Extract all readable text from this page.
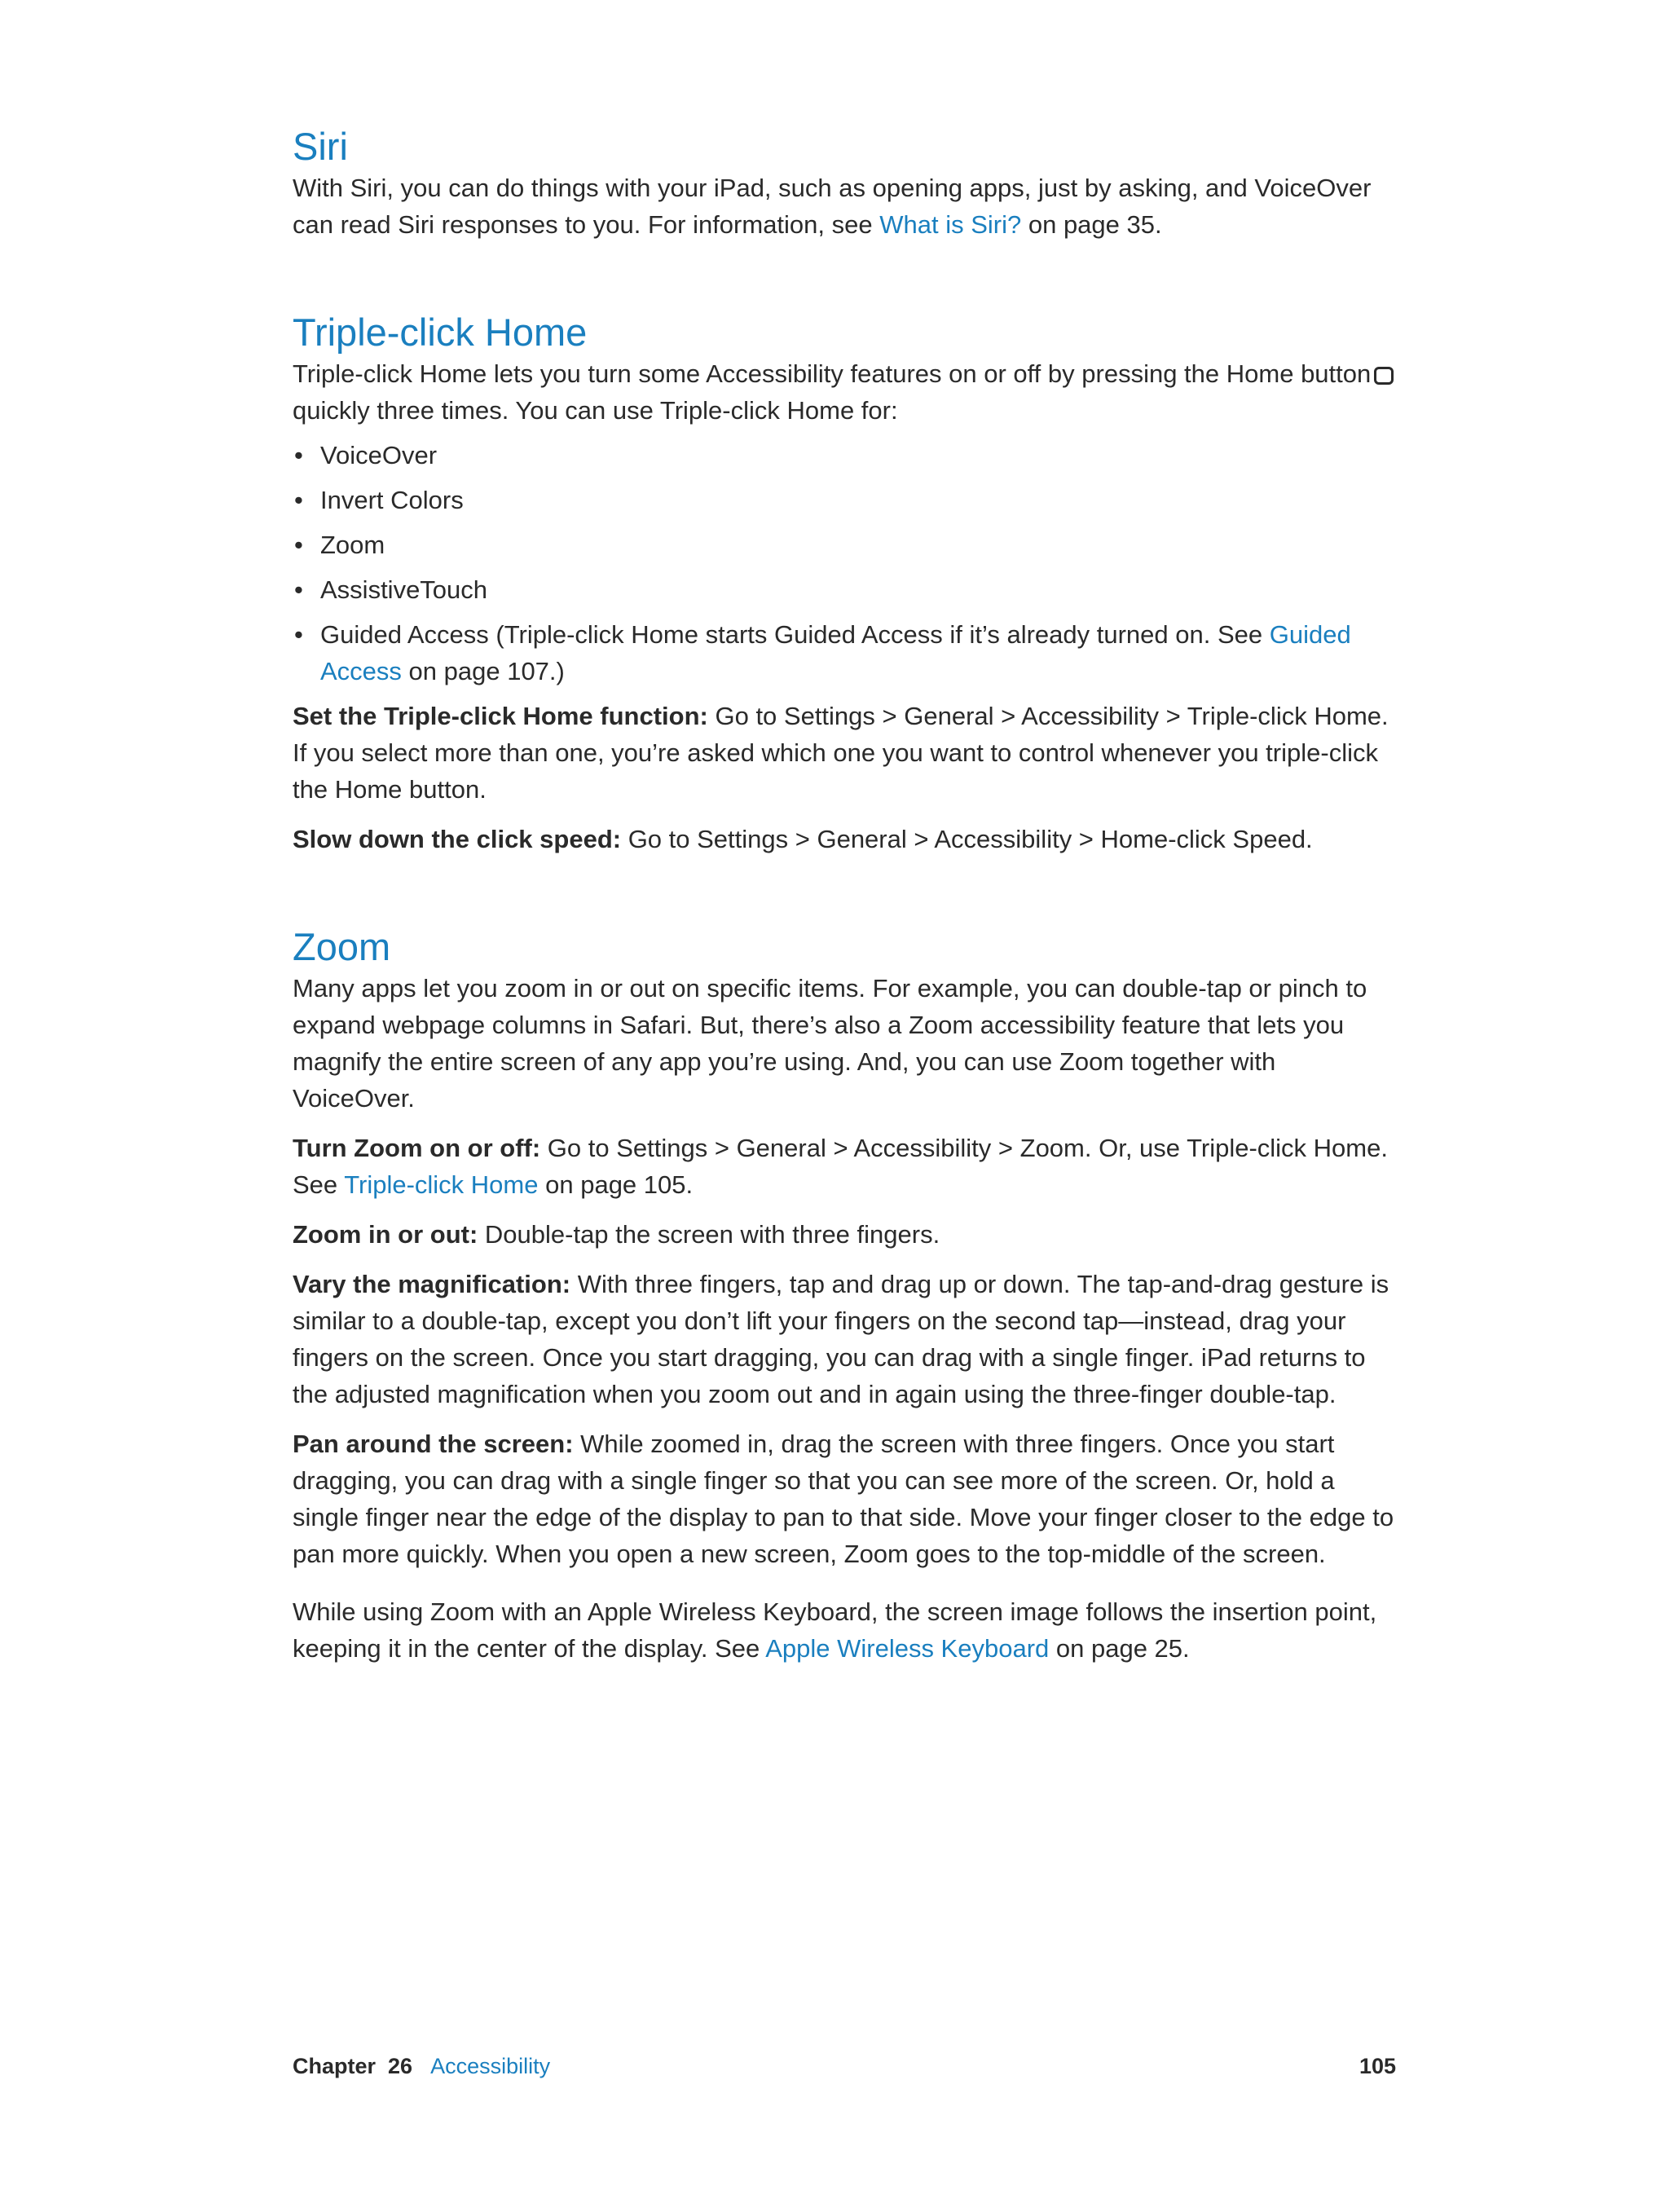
Siri

With Siri, you can do things with your iPad, such as opening apps, just by asking, and VoiceOver can read Siri responses to you. For information, see What is Siri? on page 35.

Triple-click Home

Triple-click Home lets you turn some Accessibility features on or off by pressing the Home button quickly three times. You can use Triple-click Home for:

• VoiceOver
• Invert Colors
• Zoom
• AssistiveTouch
• Guided Access (Triple-click Home starts Guided Access if it’s already turned on. See Guided Access on page 107.)

Set the Triple-click Home function: Go to Settings > General > Accessibility > Triple-click Home. If you select more than one, you’re asked which one you want to control whenever you triple-click the Home button.

Slow down the click speed: Go to Settings > General > Accessibility > Home-click Speed.

Zoom

Many apps let you zoom in or out on specific items. For example, you can double-tap or pinch to expand webpage columns in Safari. But, there’s also a Zoom accessibility feature that lets you magnify the entire screen of any app you’re using. And, you can use Zoom together with VoiceOver.

Turn Zoom on or off: Go to Settings > General > Accessibility > Zoom. Or, use Triple-click Home. See Triple-click Home on page 105.

Zoom in or out: Double-tap the screen with three fingers.

Vary the magnification: With three fingers, tap and drag up or down. The tap-and-drag gesture is similar to a double-tap, except you don’t lift your fingers on the second tap—instead, drag your fingers on the screen. Once you start dragging, you can drag with a single finger. iPad returns to the adjusted magnification when you zoom out and in again using the three-finger double-tap.

Pan around the screen: While zoomed in, drag the screen with three fingers. Once you start dragging, you can drag with a single finger so that you can see more of the screen. Or, hold a single finger near the edge of the display to pan to that side. Move your finger closer to the edge to pan more quickly. When you open a new screen, Zoom goes to the top-middle of the screen.

While using Zoom with an Apple Wireless Keyboard, the screen image follows the insertion point, keeping it in the center of the display. See Apple Wireless Keyboard on page 25.

Chapter  26 Accessibility	105
